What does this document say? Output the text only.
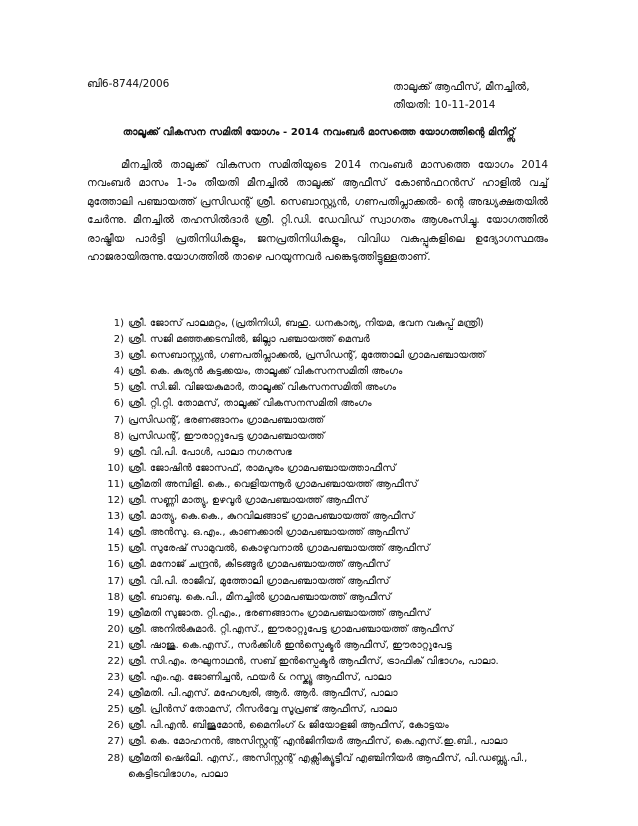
ബി6-8744/2006	താലൂക്ക് ആഫീസ്, മീനച്ചിൽ,
തീയതി: 10-11-2014
താലൂക്ക് വികസന സമിതി യോഗം - 2014 നവംബർ മാസത്തെ യോഗത്തിന്റെ മിനിറ്റ്സ്

മീനച്ചിൽ താലൂക്ക് വികസന സമിതിയുടെ 2014 നവംബർ മാസത്തെ യോഗം 2014 നവംബർ മാസം 1-ാം തീയതി മീനച്ചിൽ താലൂക്ക് ആഫീസ് കോൺഫറൻസ് ഹാളിൽ വച്ച് മുത്തോലി പഞ്ചായത്ത് പ്രസിഡന്റ് ശ്രീ. സെബാസ്റ്റ്യൻ, ഗണപതിപ്ലാക്കൽ- ന്റെ അദ്ധ്യക്ഷതയിൽ ചേർന്നു. മീനച്ചിൽ തഹസിൽദാർ ശ്രീ. റ്റി.ഡി. ഡേവിഡ് സ്വാഗതം ആശംസിച്ചു. യോഗത്തിൽ രാഷ്ട്രീയ പാർട്ടി പ്രതിനിധികളും, ജനപ്രതിനിധികളും, വിവിധ വകുപ്പുകളിലെ ഉദ്യോഗസ്ഥരും ഹാജരായിരുന്നു.യോഗത്തിൽ താഴെ പറയുന്നവർ പങ്കെടുത്തിട്ടുള്ളതാണ്.

1) ശ്രീ. ജോസ് പാലമറ്റം, (പ്രതിനിധി, ബഹു. ധനകാര്യ, നിയമ, ഭവന വകുപ്പ് മന്ത്രി)
2) ശ്രീ. സജി മഞ്ഞക്കടമ്പിൽ, ജില്ലാ പഞ്ചായത്ത് മെമ്പർ
3) ശ്രീ. സെബാസ്റ്റ്യൻ, ഗണപതിപ്ലാക്കൽ, പ്രസിഡന്റ്, മുത്തോലി ഗ്രാമപഞ്ചായത്ത്
4) ശ്രീ. കെ. കുര്യൻ കട്ടക്കയം, താലൂക്ക് വികസനസമിതി അംഗം
5) ശ്രീ. സി.ജി. വിജയകുമാർ, താലൂക്ക് വികസനസമിതി അംഗം
6) ശ്രീ. റ്റി.റ്റി. തോമസ്, താലൂക്ക് വികസനസമിതി അംഗം
7) പ്രസിഡന്റ്, ഭരണങ്ങാനം ഗ്രാമപഞ്ചായത്ത്
8) പ്രസിഡന്റ്, ഈരാറ്റുപേട്ട ഗ്രാമപഞ്ചായത്ത്
9) ശ്രീ. വി.പി. പോൾ, പാലാ നഗരസഭ
10) ശ്രീ. ജോഷിൻ ജോസഫ്, രാമപുരം ഗ്രാമപഞ്ചായത്താഫീസ്
11) ശ്രീമതി അമ്പിളി. കെ., വെളിയന്നൂർ ഗ്രാമപഞ്ചായത്ത് ആഫീസ്
12) ശ്രീ. സണ്ണി മാത്യു, ഉഴവൂർ ഗ്രാമപഞ്ചായത്ത് ആഫീസ്
13) ശ്രീ. മാത്യു, കെ.കെ., കുറവിലങ്ങാട് ഗ്രാമപഞ്ചായത്ത് ആഫീസ്
14) ശ്രീ. അൻസു. ഒ.എം., കാണക്കാരി ഗ്രാമപഞ്ചായത്ത് ആഫീസ്
15) ശ്രീ. സുരേഷ് സാമുവൽ, കൊഴുവനാൽ ഗ്രാമപഞ്ചായത്ത് ആഫീസ്
16) ശ്രീ. മനോജ് ചന്ദ്രൻ, കിടങ്ങൂർ ഗ്രാമപഞ്ചായത്ത് ആഫീസ്
17) ശ്രീ. വി.പി. രാജീവ്, മുത്തോലി ഗ്രാമപഞ്ചായത്ത് ആഫീസ്
18) ശ്രീ. ബാബു. കെ.പി., മീനച്ചിൽ ഗ്രാമപഞ്ചായത്ത് ആഫീസ്
19) ശ്രീമതി സുജാത. റ്റി.എം., ഭരണങ്ങാനം ഗ്രാമപഞ്ചായത്ത് ആഫീസ്
20) ശ്രീ. അനിൽകുമാർ. റ്റി.എസ്., ഈരാറ്റുപേട്ട ഗ്രാമപഞ്ചായത്ത് ആഫീസ്
21) ശ്രീ. ഷാജു. കെ.എസ്., സർക്കിൾ ഇൻസ്പെക്ടർ ആഫീസ്, ഈരാറ്റുപേട്ട
22) ശ്രീ. സി.എം. രഘുനാഥൻ, സബ് ഇൻസ്പെക്ടർ ആഫീസ്, ട്രാഫിക് വിഭാഗം, പാലാ.
23) ശ്രീ. എം.എ. ജോണിച്ചൻ, ഫയർ & റസ്ക്യൂ ആഫീസ്, പാലാ
24) ശ്രീമതി. പി.എസ്. മഹേശ്വരി, ആർ. ആർ. ആഫീസ്, പാലാ
25) ശ്രീ. പ്രിൻസ് തോമസ്, റീസർവ്വേ സൂപ്രണ്ട് ആഫീസ്, പാലാ
26) ശ്രീ. പി.എൻ. ബിജുമോൻ, മൈനിംഗ് & ജിയോളജി ആഫീസ്, കോട്ടയം
27) ശ്രീ. കെ. മോഹനൻ, അസിസ്റ്റന്റ് എൻജിനീയർ ആഫീസ്, കെ.എസ്.ഇ.ബി., പാലാ
28) ശ്രീമതി ഷെർലി. എസ്., അസിസ്റ്റന്റ് എക്സിക്യൂട്ടീവ് എഞ്ചിനീയർ ആഫീസ്, പി.ഡബ്ല്യു.പി., കെട്ടിടവിഭാഗം, പാലാ
